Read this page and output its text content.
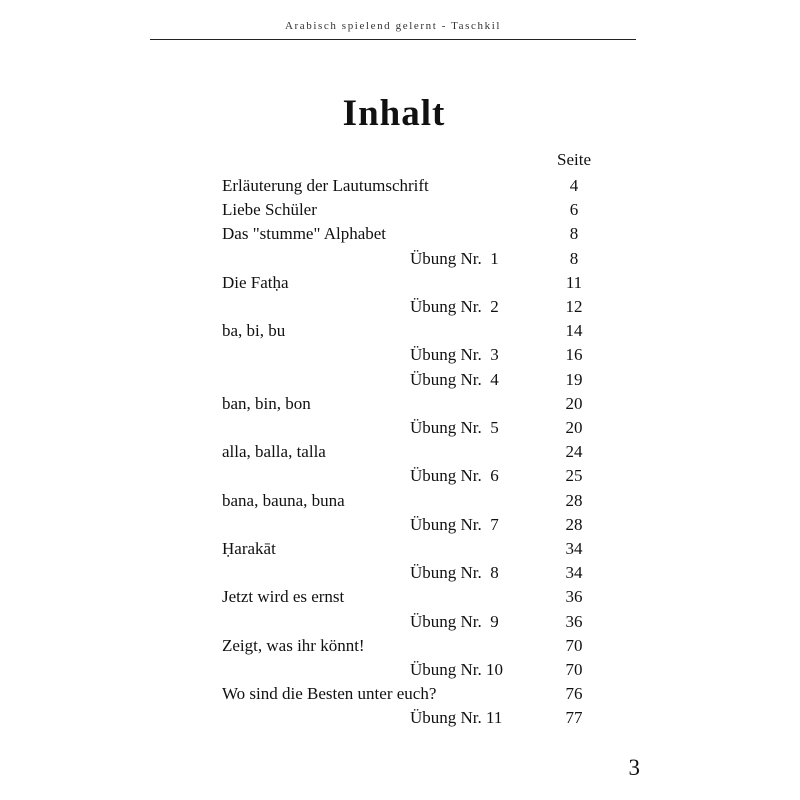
Arabisch spielend gelernt - Taschkil
Inhalt
Seite
Erläuterung der Lautumschrift	4
Liebe Schüler	6
Das "stumme" Alphabet	8
Übung Nr.  1	8
Die Fatḥa	11
Übung Nr.  2	12
ba, bi, bu	14
Übung Nr.  3	16
Übung Nr.  4	19
ban, bin, bon	20
Übung Nr.  5	20
alla, balla, talla	24
Übung Nr.  6	25
bana, bauna, buna	28
Übung Nr.  7	28
Ḥarakāt	34
Übung Nr.  8	34
Jetzt wird es ernst	36
Übung Nr.  9	36
Zeigt, was ihr könnt!	70
Übung Nr. 10	70
Wo sind die Besten unter euch?	76
Übung Nr. 11	77
3
